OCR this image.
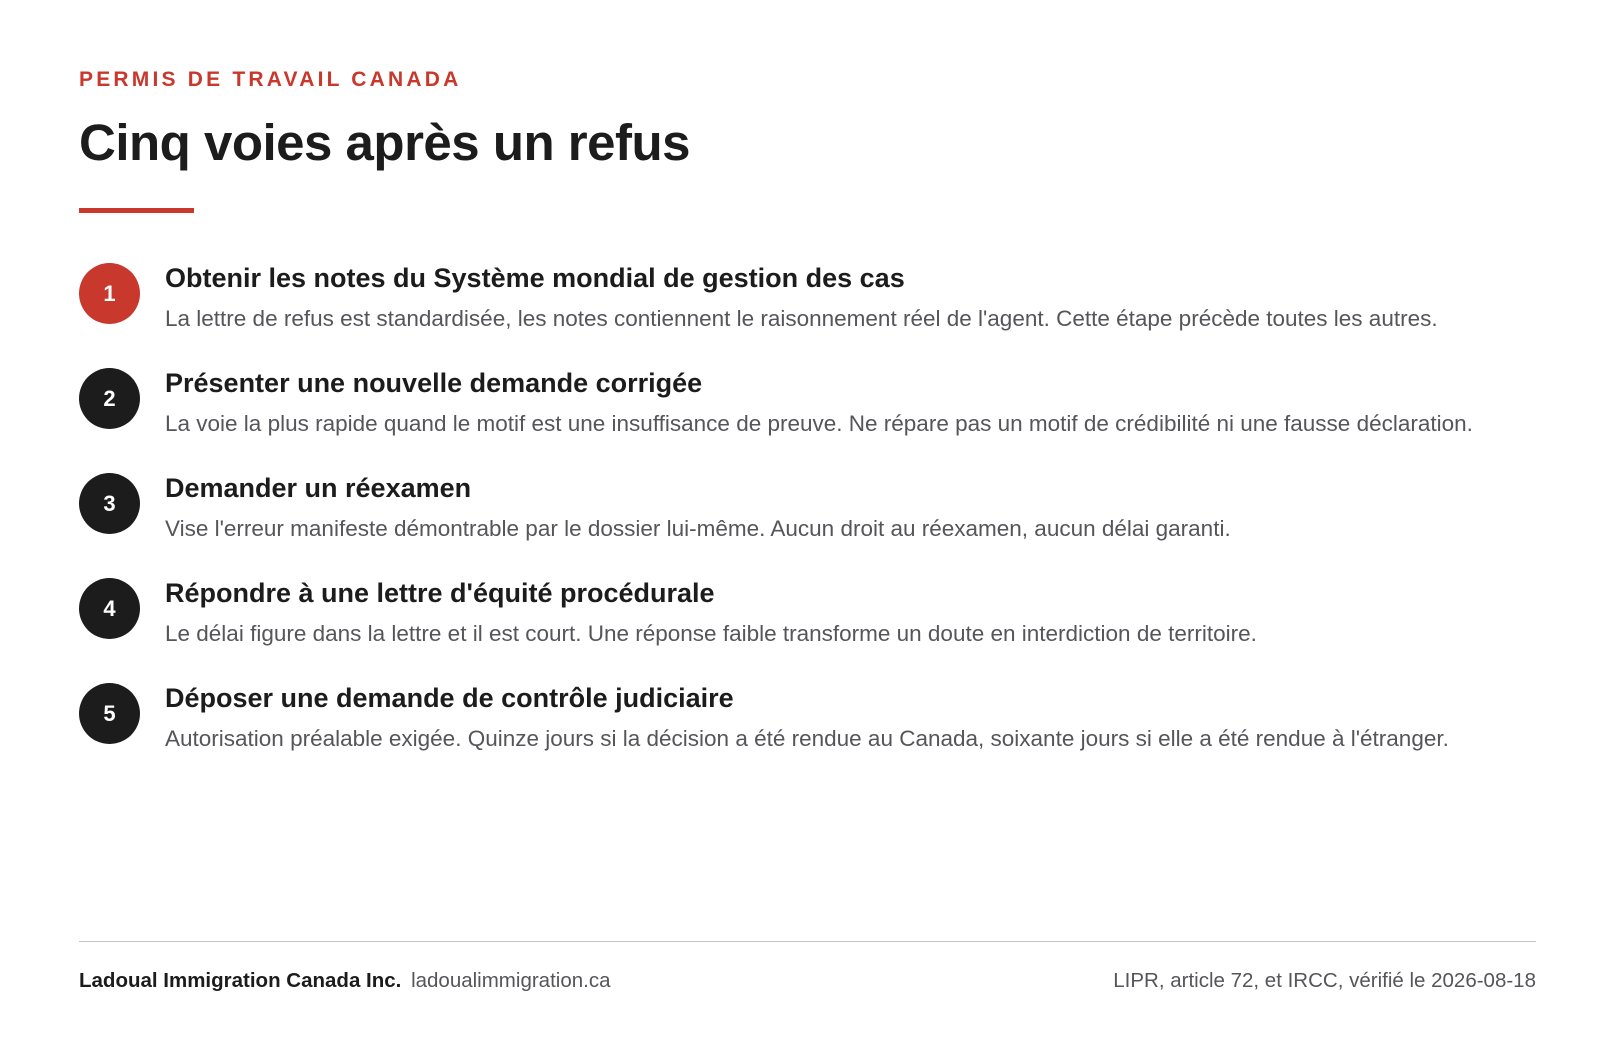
PERMIS DE TRAVAIL CANADA
Cinq voies après un refus
1	Obtenir les notes du Système mondial de gestion des cas

La lettre de refus est standardisée, les notes contiennent le raisonnement réel de l'agent. Cette étape précède toutes les autres.

2	Présenter une nouvelle demande corrigée

La voie la plus rapide quand le motif est une insuffisance de preuve. Ne répare pas un motif de crédibilité ni une fausse déclaration.

3	Demander un réexamen

Vise l'erreur manifeste démontrable par le dossier lui-même. Aucun droit au réexamen, aucun délai garanti.

4	Répondre à une lettre d'équité procédurale

Le délai figure dans la lettre et il est court. Une réponse faible transforme un doute en interdiction de territoire.

5	Déposer une demande de contrôle judiciaire

Autorisation préalable exigée. Quinze jours si la décision a été rendue au Canada, soixante jours si elle a été rendue à l'étranger.

Ladoual Immigration Canada Inc. ladoualimmigration.ca	LIPR, article 72, et IRCC, vérifié le 2026-08-18
